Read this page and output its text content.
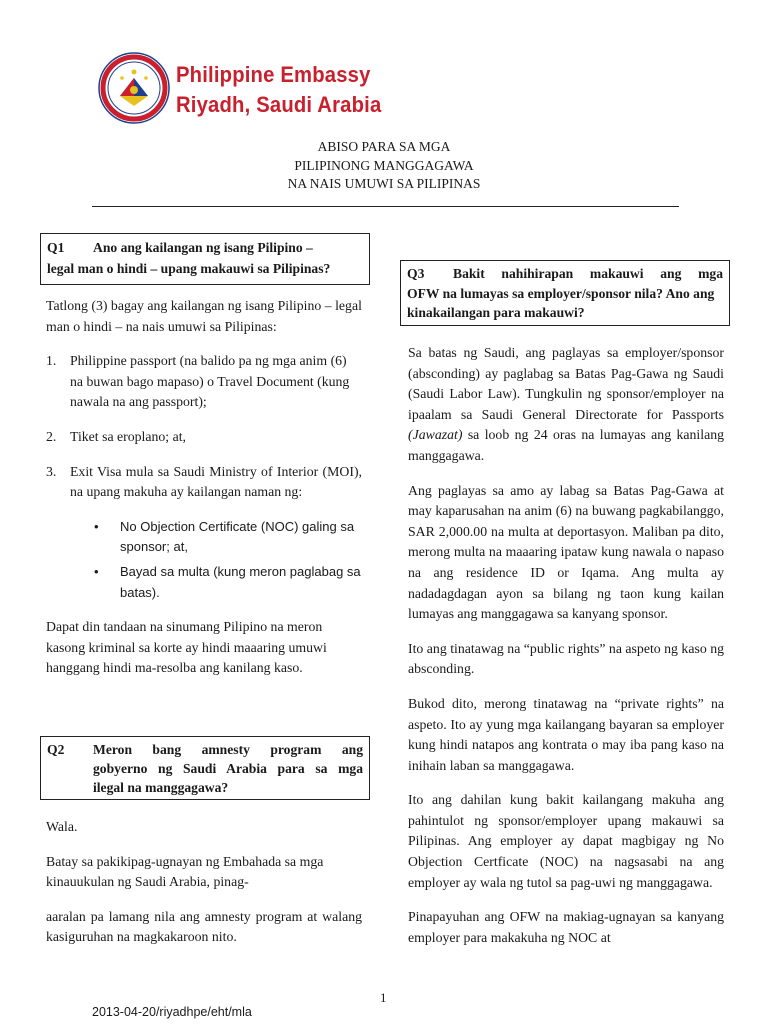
Philippine Embassy
Riyadh, Saudi Arabia
ABISO PARA SA MGA
PILIPINONG MANGGAGAWA
NA NAIS UMUWI SA PILIPINAS
Q1 Ano ang kailangan ng isang Pilipino –
legal man o hindi – upang makauwi sa Pilipinas?

Tatlong (3) bagay ang kailangan ng isang Pilipino – legal man o hindi – na nais umuwi sa Pilipinas:

1. Philippine passport (na balido pa ng mga anim (6) na buwan bago mapaso) o Travel Document (kung nawala na ang passport);
2. Tiket sa eroplano; at,
3. Exit Visa mula sa Saudi Ministry of Interior (MOI), na upang makuha ay kailangan naman ng:
• No Objection Certificate (NOC) galing sa sponsor; at,
• Bayad sa multa (kung meron paglabag sa batas).

Dapat din tandaan na sinumang Pilipino na meron kasong kriminal sa korte ay hindi maaaring umuwi hanggang hindi ma-resolba ang kanilang kaso.

Q2 Meron bang amnesty program ang
gobyerno ng Saudi Arabia para sa mga
ilegal na manggagawa?

Wala.

Batay sa pakikipag-ugnayan ng Embahada sa mga kinauukulan ng Saudi Arabia, pinag-

aaralan pa lamang nila ang amnesty program at walang kasiguruhan na magkakaroon nito.

Q3	Bakit nahihirapan makauwi ang mga
OFW na lumayas sa employer/sponsor nila? Ano ang kinakailangan para makauwi?

Sa batas ng Saudi, ang paglayas sa employer/sponsor (absconding) ay paglabag sa Batas Pag-Gawa ng Saudi (Saudi Labor Law). Tungkulin ng sponsor/employer na ipaalam sa Saudi General Directorate for Passports (Jawazat) sa loob ng 24 oras na lumayas ang kanilang manggagawa.

Ang paglayas sa amo ay labag sa Batas Pag-Gawa at may kaparusahan na anim (6) na buwang pagkabilanggo, SAR 2,000.00 na multa at deportasyon. Maliban pa dito, merong multa na maaaring ipataw kung nawala o napaso na ang residence ID or Iqama. Ang multa ay nadadagdagan ayon sa bilang ng taon kung kailan lumayas ang manggagawa sa kanyang sponsor.

Ito ang tinatawag na “public rights” na aspeto ng kaso ng absconding.

Bukod dito, merong tinatawag na “private rights” na aspeto. Ito ay yung mga kailangang bayaran sa employer kung hindi natapos ang kontrata o may iba pang kaso na inihain laban sa manggagawa.

Ito ang dahilan kung bakit kailangang makuha ang pahintulot ng sponsor/employer upang makauwi sa Pilipinas. Ang employer ay dapat magbigay ng No Objection Certficate (NOC) na nagsasabi na ang employer ay wala ng tutol sa pag-uwi ng manggagawa.

Pinapayuhan ang OFW na makiag-ugnayan sa kanyang employer para makakuha ng NOC at

1
2013-04-20/riyadhpe/eht/mla
